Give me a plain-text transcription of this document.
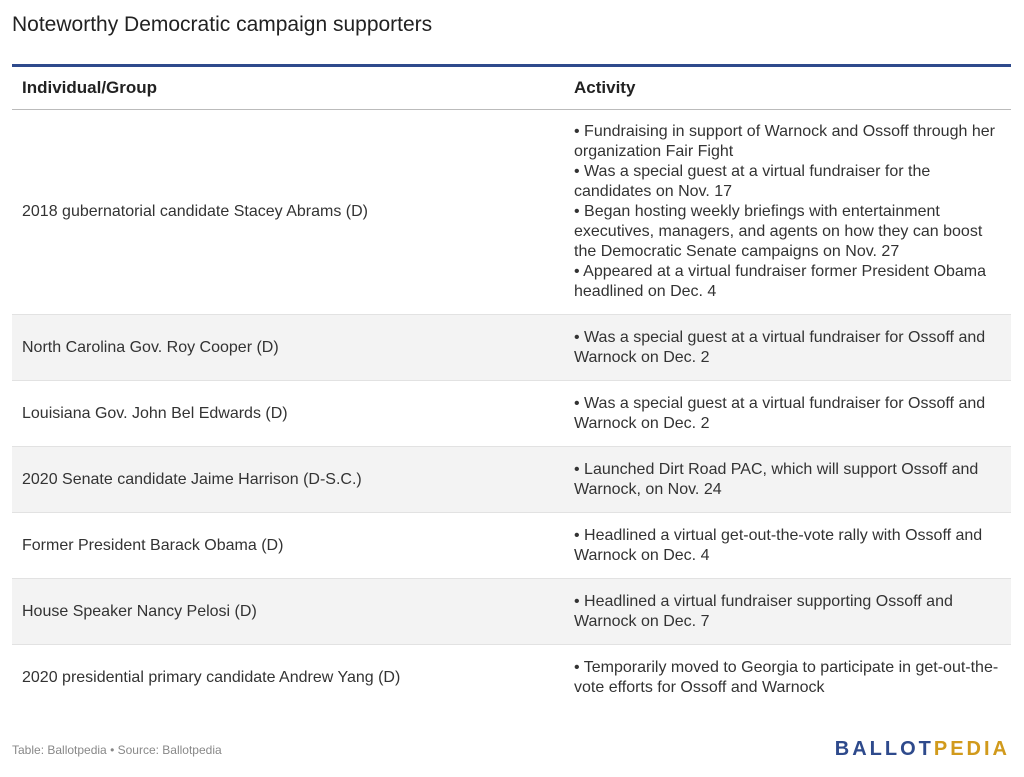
Noteworthy Democratic campaign supporters
Individual/Group	Activity
2018 gubernatorial candidate Stacey Abrams (D)	• Fundraising in support of Warnock and Ossoff through her organization Fair Fight
• Was a special guest at a virtual fundraiser for the candidates on Nov. 17
• Began hosting weekly briefings with entertainment executives, managers, and agents on how they can boost the Democratic Senate campaigns on Nov. 27
• Appeared at a virtual fundraiser former President Obama headlined on Dec. 4

North Carolina Gov. Roy Cooper (D)	• Was a special guest at a virtual fundraiser for Ossoff and Warnock on Dec. 2

Louisiana Gov. John Bel Edwards (D)	• Was a special guest at a virtual fundraiser for Ossoff and Warnock on Dec. 2

2020 Senate candidate Jaime Harrison (D-S.C.)	• Launched Dirt Road PAC, which will support Ossoff and Warnock, on Nov. 24

Former President Barack Obama (D)	• Headlined a virtual get-out-the-vote rally with Ossoff and Warnock on Dec. 4

House Speaker Nancy Pelosi (D)	• Headlined a virtual fundraiser supporting Ossoff and Warnock on Dec. 7

2020 presidential primary candidate Andrew Yang (D)	• Temporarily moved to Georgia to participate in get-out-the-vote efforts for Ossoff and Warnock
Table: Ballotpedia • Source: Ballotpedia	BALLOTPEDIA
